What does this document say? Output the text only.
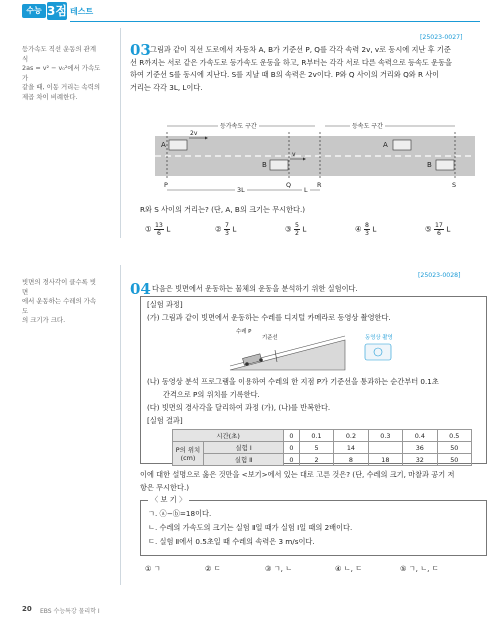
수능 3점 테스트
등가속도 직선 운동의 관계식
2as = v² − v₀²에서 가속도가
같을 때, 이동 거리는 속력의
제곱 차이 비례한다.
빗면의 경사각이 클수록 빗면
에서 운동하는 수레의 가속도
의 크기가 크다.
[25023-0027]
03 그림과 같이 직선 도로에서 자동차 A, B가 기준선 P, Q를 각각 속력 2v, v로 동시에 지난 후 기준
선 R까지는 서로 같은 가속도로 등가속도 운동을 하고, R부터는 각각 서로 다른 속력으로 등속도 운동을
하여 기준선 S를 동시에 지난다. S를 지날 때 B의 속력은 2v이다. P와 Q 사이의 거리와 Q와 R 사이
거리는 각각 3L, L이다.
등가속도 구간	등속도 구간
A
2v
B
v
A
B
P	Q	R	S
3L	L
R와 S 사이의 거리는? (단, A, B의 크기는 무시한다.)
① $\frac{13}{6}$ L	② $\frac{7}{3}$ L	③ $\frac{5}{2}$ L	④ $\frac{8}{3}$ L	⑤ $\frac{17}{6}$ L
[25023-0028]
04 다음은 빗면에서 운동하는 물체의 운동을 분석하기 위한 실험이다.
[실험 과정]
(가) 그림과 같이 빗면에서 운동하는 수레를 디지털 카메라로 동영상 촬영한다.
수레 P
기준선	동영상 촬영
(나) 동영상 분석 프로그램을 이용하여 수레의 한 지점 P가 기준선을 통과하는 순간부터 0.1초
간격으로 P의 위치를 기록한다.
(다) 빗면의 경사각을 달리하여 과정 (가), (나)를 반복한다.
[실험 결과]
시간(초)		0	0.1	0.2	0.3	0.4	0.5

P의 위치
(cm)	실험 Ⅰ	0	5	14		36	50
	실험 Ⅱ	0	2	8	18	32	50
이에 대한 설명으로 옳은 것만을 <보기>에서 있는 대로 고른 것은? (단, 수레의 크기, 마찰과 공기 저
항은 무시한다.)
〈 보 기 〉
ㄱ. ⓐ−ⓑ=18이다.
ㄴ. 수레의 가속도의 크기는 실험 Ⅱ일 때가 실험 Ⅰ일 때의 2배이다.
ㄷ. 실험 Ⅱ에서 0.5초일 때 수레의 속력은 3 m/s이다.
① ㄱ	② ㄷ	③ ㄱ, ㄴ	④ ㄴ, ㄷ	⑤ ㄱ, ㄴ, ㄷ
20 EBS 수능특강 물리학 Ⅰ
